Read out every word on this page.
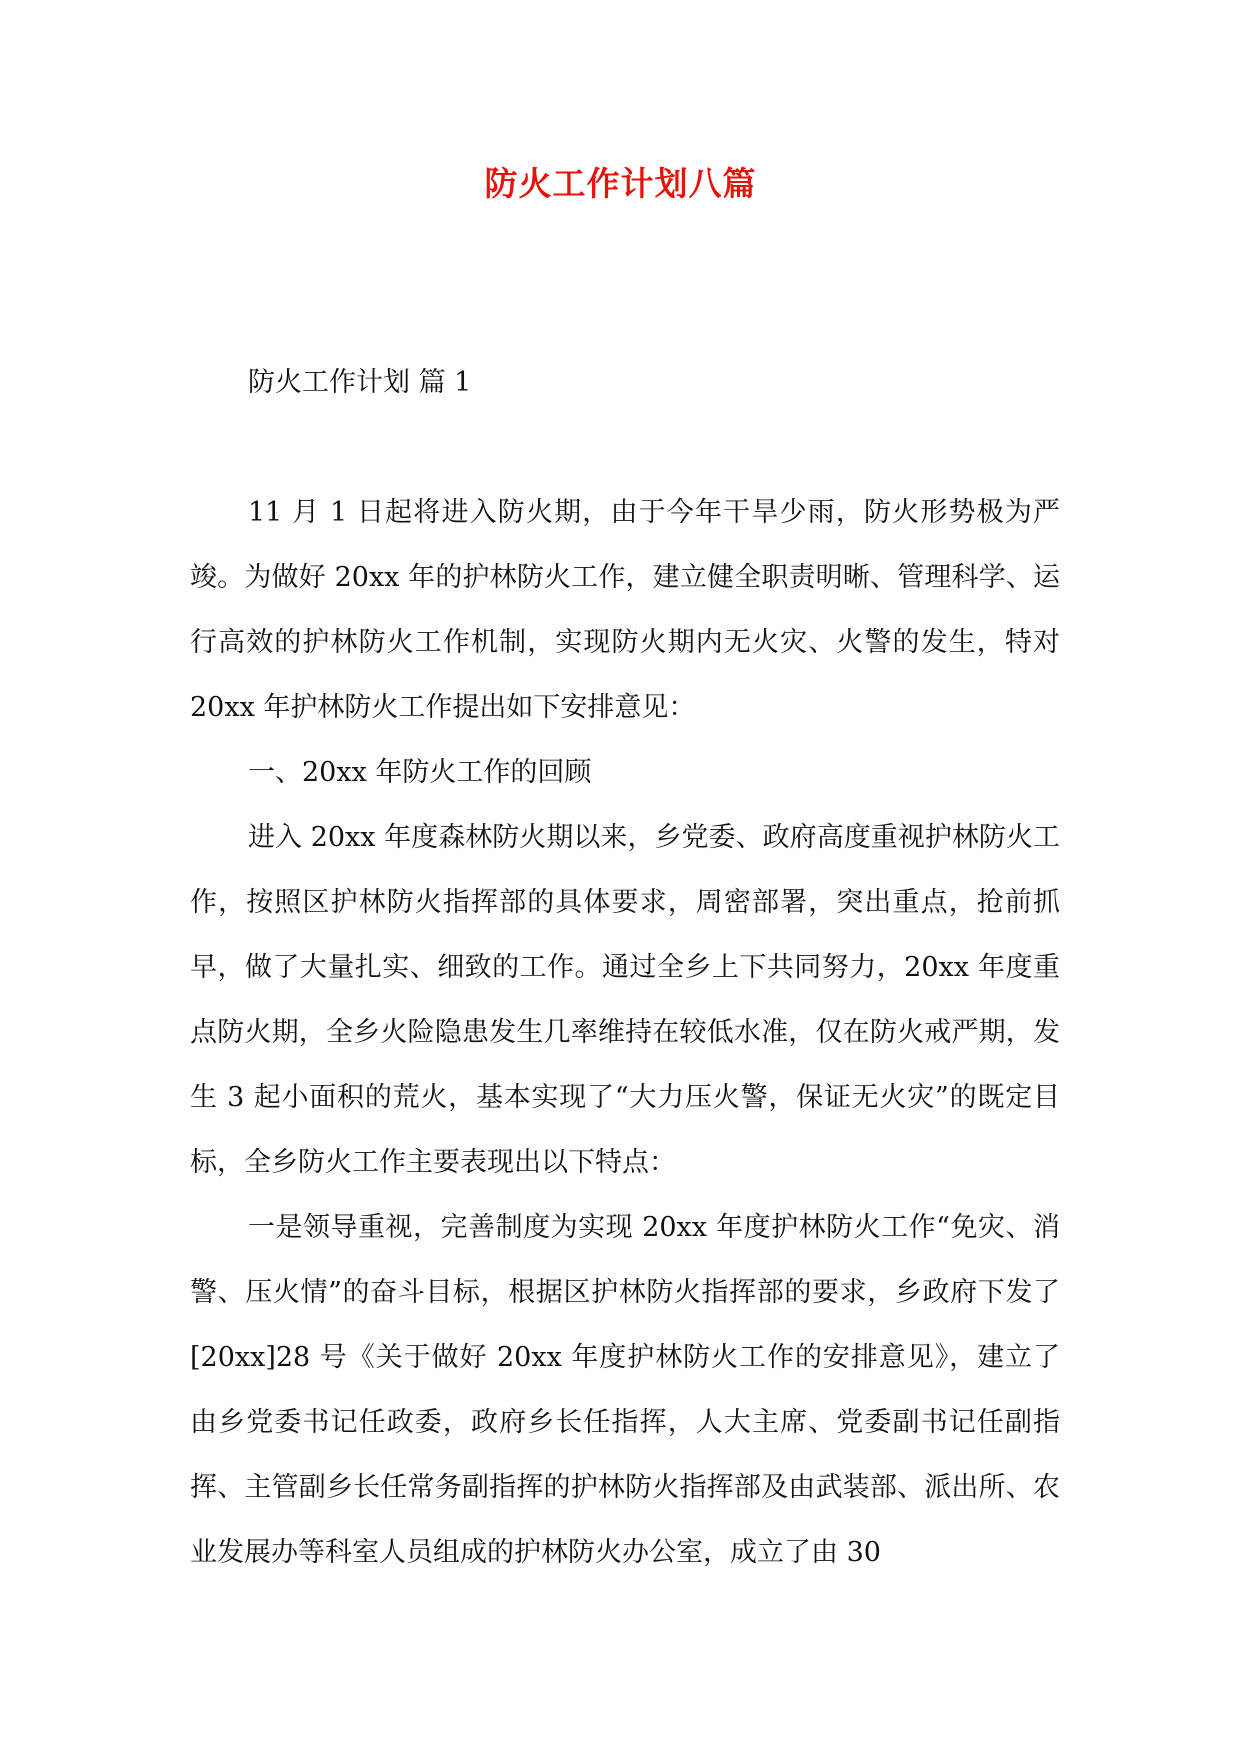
防火工作计划八篇
防火工作计划 篇 1

11 月 1 日起将进入防火期，由于今年干旱少雨，防火形势极为严竣。为做好 20xx 年的护林防火工作，建立健全职责明晰、管理科学、运行高效的护林防火工作机制，实现防火期内无火灾、火警的发生，特对 20xx 年护林防火工作提出如下安排意见：

一、20xx 年防火工作的回顾

进入 20xx 年度森林防火期以来，乡党委、政府高度重视护林防火工作，按照区护林防火指挥部的具体要求，周密部署，突出重点，抢前抓早，做了大量扎实、细致的工作。通过全乡上下共同努力，20xx 年度重点防火期，全乡火险隐患发生几率维持在较低水准，仅在防火戒严期，发生 3 起小面积的荒火，基本实现了“大力压火警，保证无火灾”的既定目标，全乡防火工作主要表现出以下特点：

一是领导重视，完善制度为实现 20xx 年度护林防火工作“免灾、消警、压火情”的奋斗目标，根据区护林防火指挥部的要求，乡政府下发了[20xx]28 号《关于做好 20xx 年度护林防火工作的安排意见》，建立了由乡党委书记任政委，政府乡长任指挥，人大主席、党委副书记任副指挥、主管副乡长任常务副指挥的护林防火指挥部及由武装部、派出所、农业发展办等科室人员组成的护林防火办公室，成立了由 30
